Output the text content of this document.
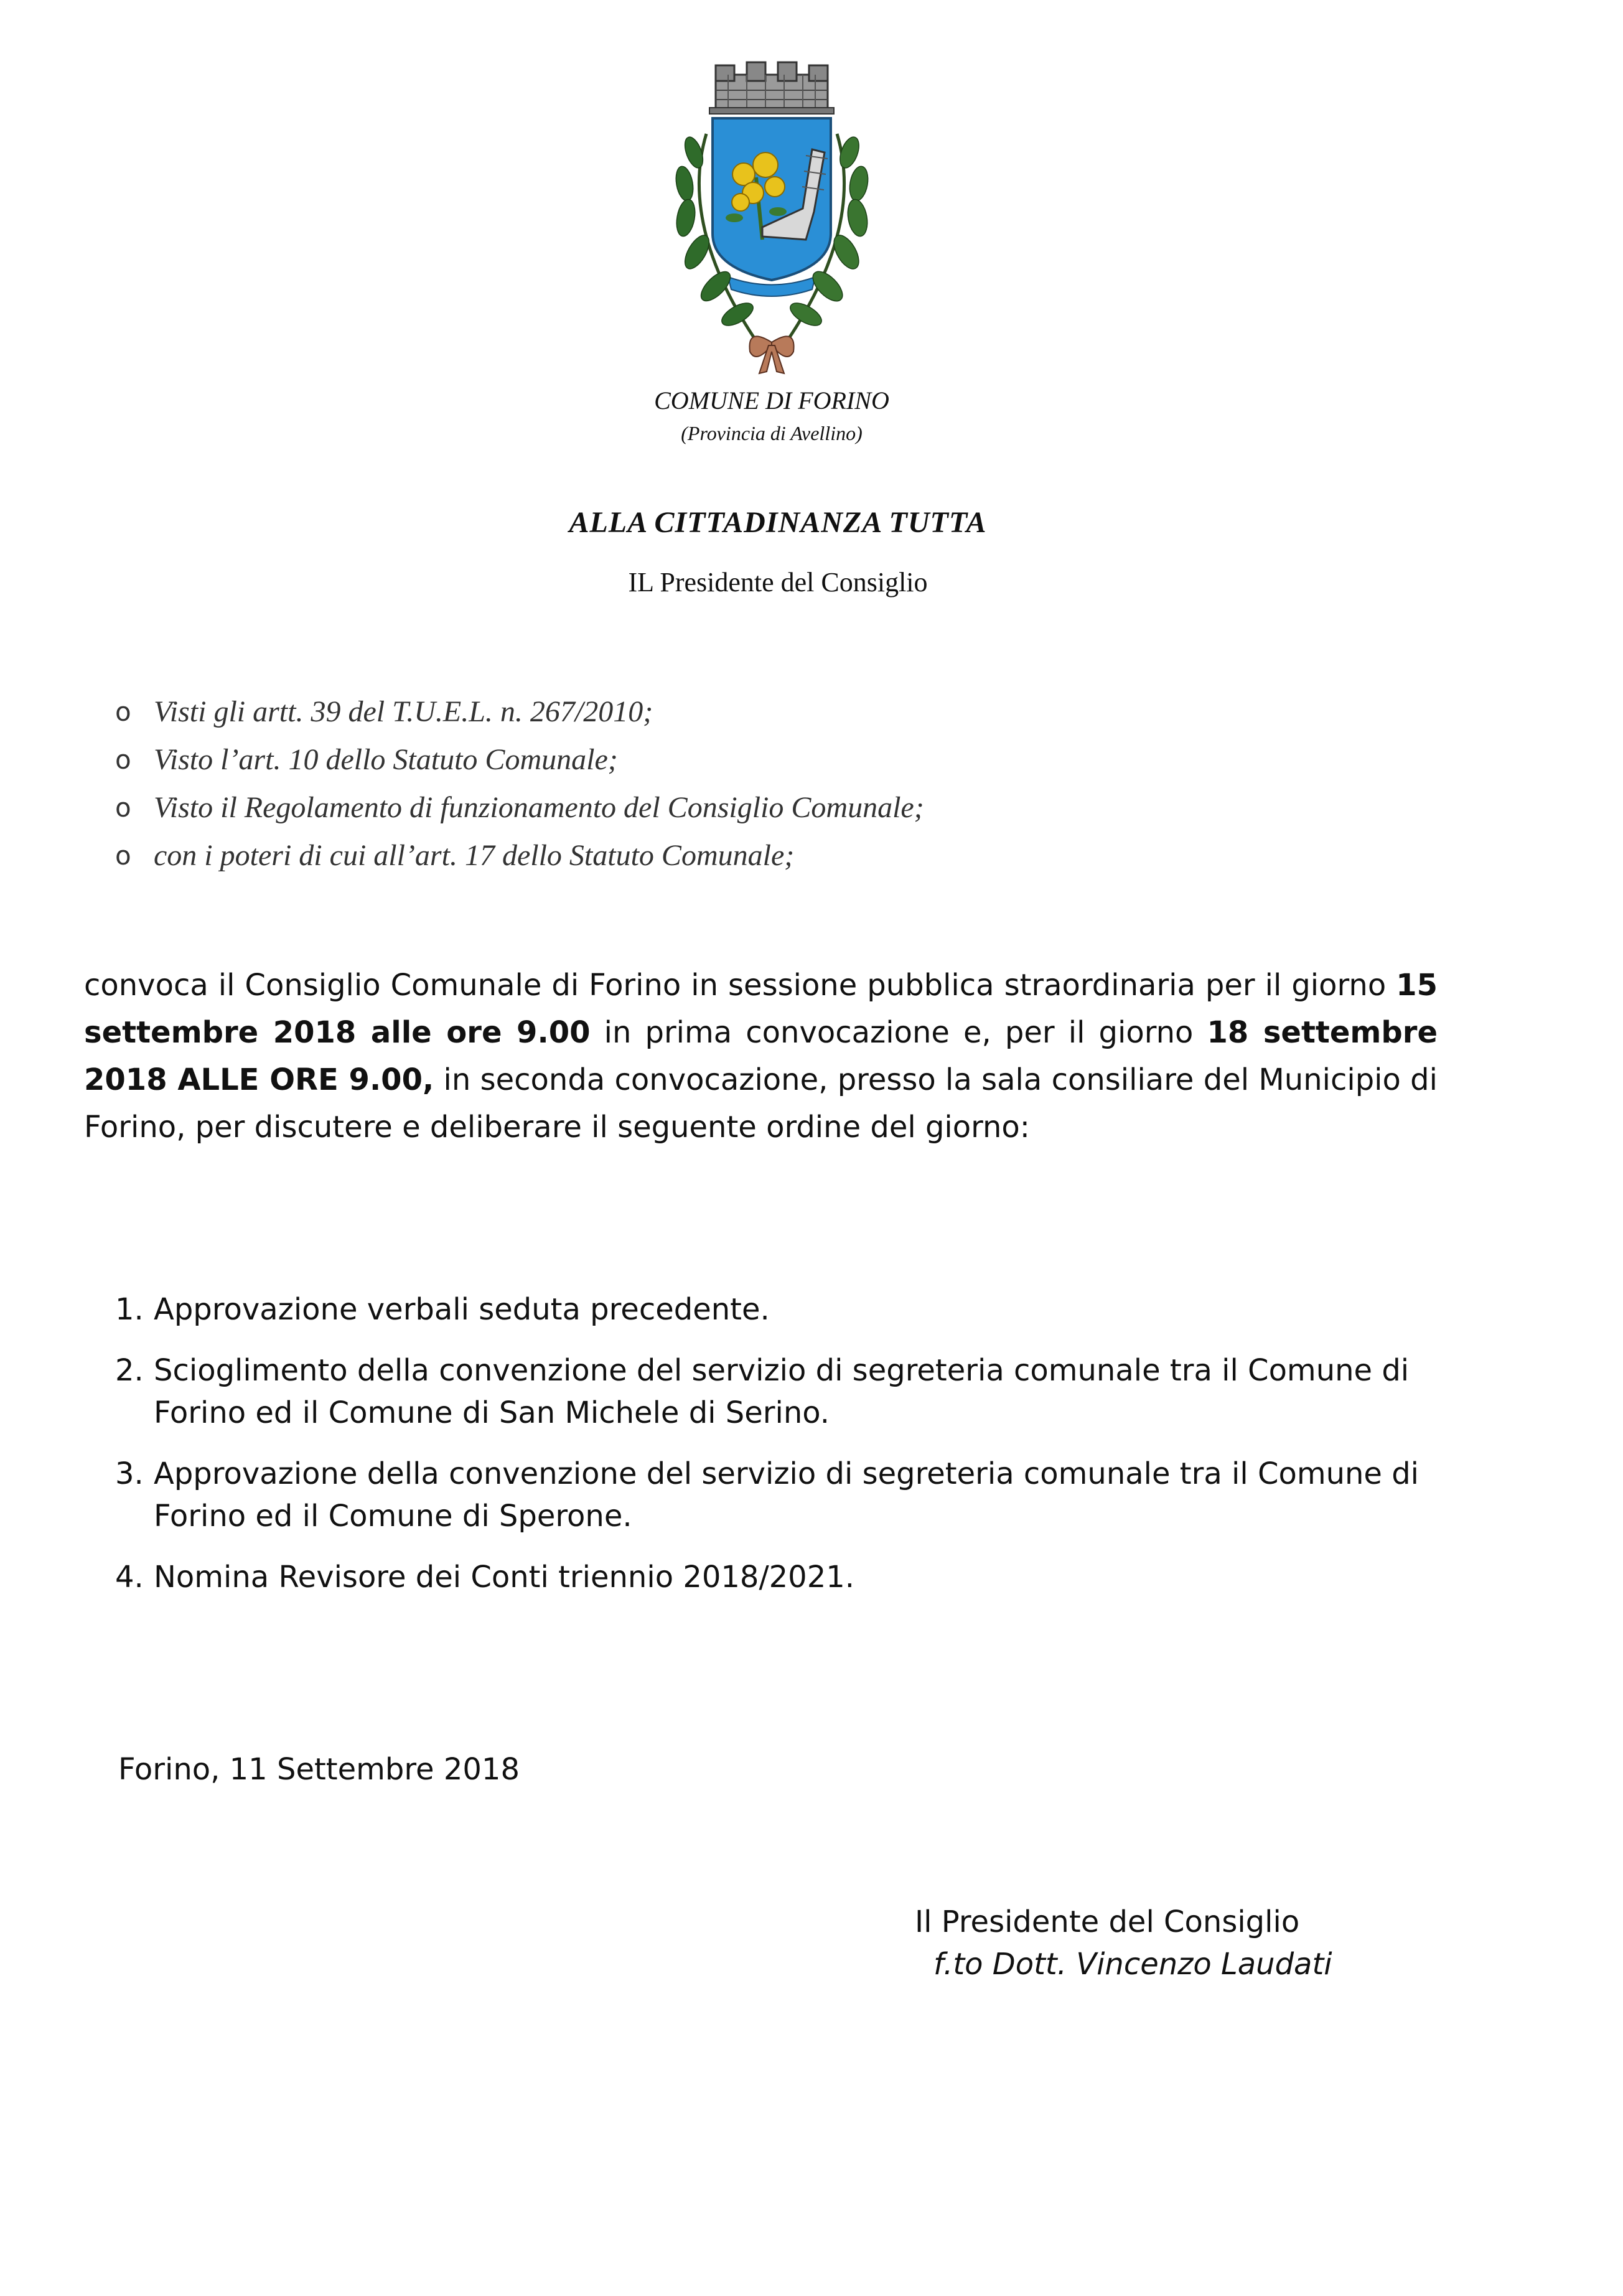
COMUNE DI FORINO
(Provincia di Avellino)
ALLA CITTADINANZA TUTTA
IL Presidente del Consiglio
o Visti gli artt. 39 del T.U.E.L. n. 267/2010;
o Visto l’art. 10 dello Statuto Comunale;
o Visto il Regolamento di funzionamento del Consiglio Comunale;
o con i poteri di cui all’art. 17 dello Statuto Comunale;
convoca il Consiglio Comunale di Forino in sessione pubblica straordinaria per il giorno 15 settembre 2018 alle ore 9.00 in prima convocazione e, per il giorno 18 settembre 2018 ALLE ORE 9.00, in seconda convocazione, presso la sala consiliare del Municipio di Forino, per discutere e deliberare il seguente ordine del giorno:
1. Approvazione verbali seduta precedente.
2. Scioglimento della convenzione del servizio di segreteria comunale tra il Comune di Forino ed il Comune di San Michele di Serino.
3. Approvazione della convenzione del servizio di segreteria comunale tra il Comune di Forino ed il Comune di Sperone.
4. Nomina Revisore dei Conti triennio 2018/2021.
Forino, 11 Settembre 2018
Il Presidente del Consiglio
f.to Dott. Vincenzo Laudati
